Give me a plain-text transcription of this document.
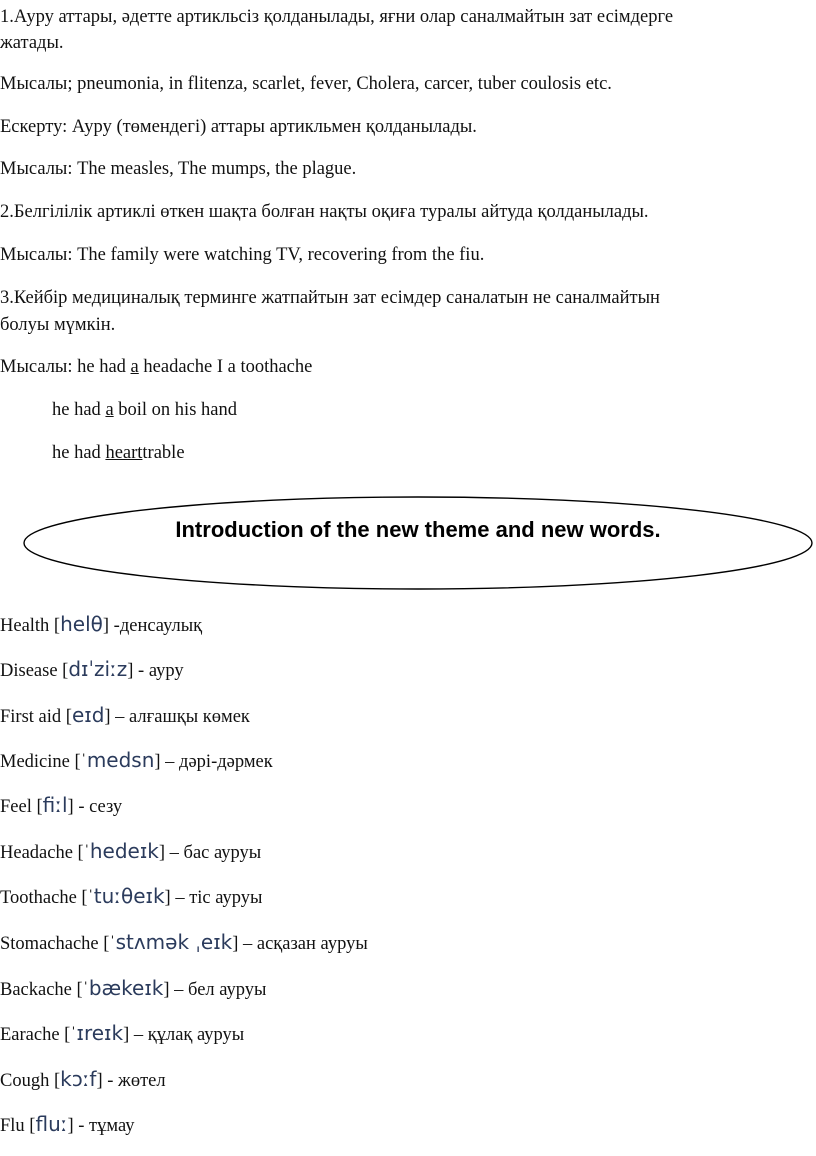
1.Ауру аттары, әдетте артикльсіз қолданылады, яғни олар саналмайтын зат есімдерге
жатады.
Мысалы; pneumonia, in flitenza, scarlet, fever, Cholera, carcer, tuber coulosis etc.
Ескерту: Ауру (төмендегі) аттары артикльмен қолданылады.
Мысалы: The measles, The mumps, the plague.
2.Белгілілік артиклі өткен шақта болған нақты оқиға туралы айтуда қолданылады.
Мысалы: The family were watching TV, recovering from the fiu.
3.Кейбір медициналық терминге жатпайтын зат есімдер саналатын не саналмайтын
болуы мүмкін.
Мысалы: he had a headache I a toothache
he had a boil on his hand
he had hearttrable
Introduction of the new theme and new words.
Health [helθ] -денсаулық
Disease [dɪˈziːz] - ауру
First aid [eɪd] – алғашқы көмек
Medicine [ˈmedsn] – дәрі-дәрмек
Feel [fiːl] - сезу
Headache [ˈhedeɪk] – бас ауруы
Toothache [ˈtuːθeɪk] – тіс ауруы
Stomachache [ˈstʌmək ˌeɪk] – асқазан ауруы
Backache [ˈbækeɪk] – бел ауруы
Earache [ˈɪreɪk] – құлақ ауруы
Cough [kɔːf] - жөтел
Flu [fluː] - тұмау
